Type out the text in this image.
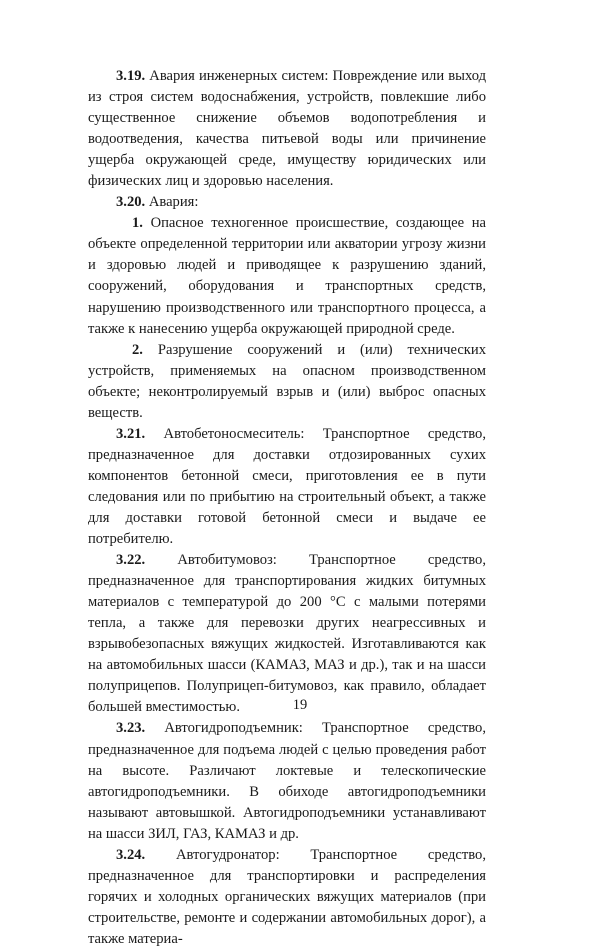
3.19. Авария инженерных систем: Повреждение или выход из строя систем водоснабжения, устройств, повлекшие либо существенное снижение объемов водопотребления и водоотведения, качества питьевой воды или причинение ущерба окружающей среде, имуществу юридических или физических лиц и здоровью населения.

3.20. Авария:

1. Опасное техногенное происшествие, создающее на объекте определенной территории или акватории угрозу жизни и здоровью людей и приводящее к разрушению зданий, сооружений, оборудования и транспортных средств, нарушению производственного или транспортного процесса, а также к нанесению ущерба окружающей природной среде.

2. Разрушение сооружений и (или) технических устройств, применяемых на опасном производственном объекте; неконтролируемый взрыв и (или) выброс опасных веществ.

3.21. Автобетоносмеситель: Транспортное средство, предназначенное для доставки отдозированных сухих компонентов бетонной смеси, приготовления ее в пути следования или по прибытию на строительный объект, а также для доставки готовой бетонной смеси и выдаче ее потребителю.

3.22. Автобитумовоз: Транспортное средство, предназначенное для транспортирования жидких битумных материалов с температурой до 200 °С с малыми потерями тепла, а также для перевозки других неагрессивных и взрывобезопасных вяжущих жидкостей. Изготавливаются как на автомобильных шасси (КАМАЗ, МАЗ и др.), так и на шасси полуприцепов. Полуприцеп-битумовоз, как правило, обладает большей вместимостью.

3.23. Автогидроподъемник: Транспортное средство, предназначенное для подъема людей с целью проведения работ на высоте. Различают локтевые и телескопические автогидроподъемники. В обиходе автогидроподъемники называют автовышкой. Автогидроподъемники устанавливают на шасси ЗИЛ, ГАЗ, КАМАЗ и др.

3.24. Автогудронатор: Транспортное средство, предназначенное для транспортировки и распределения горячих и холодных органических вяжущих материалов (при строительстве, ремонте и содержании автомобильных дорог), а также материа-

19
